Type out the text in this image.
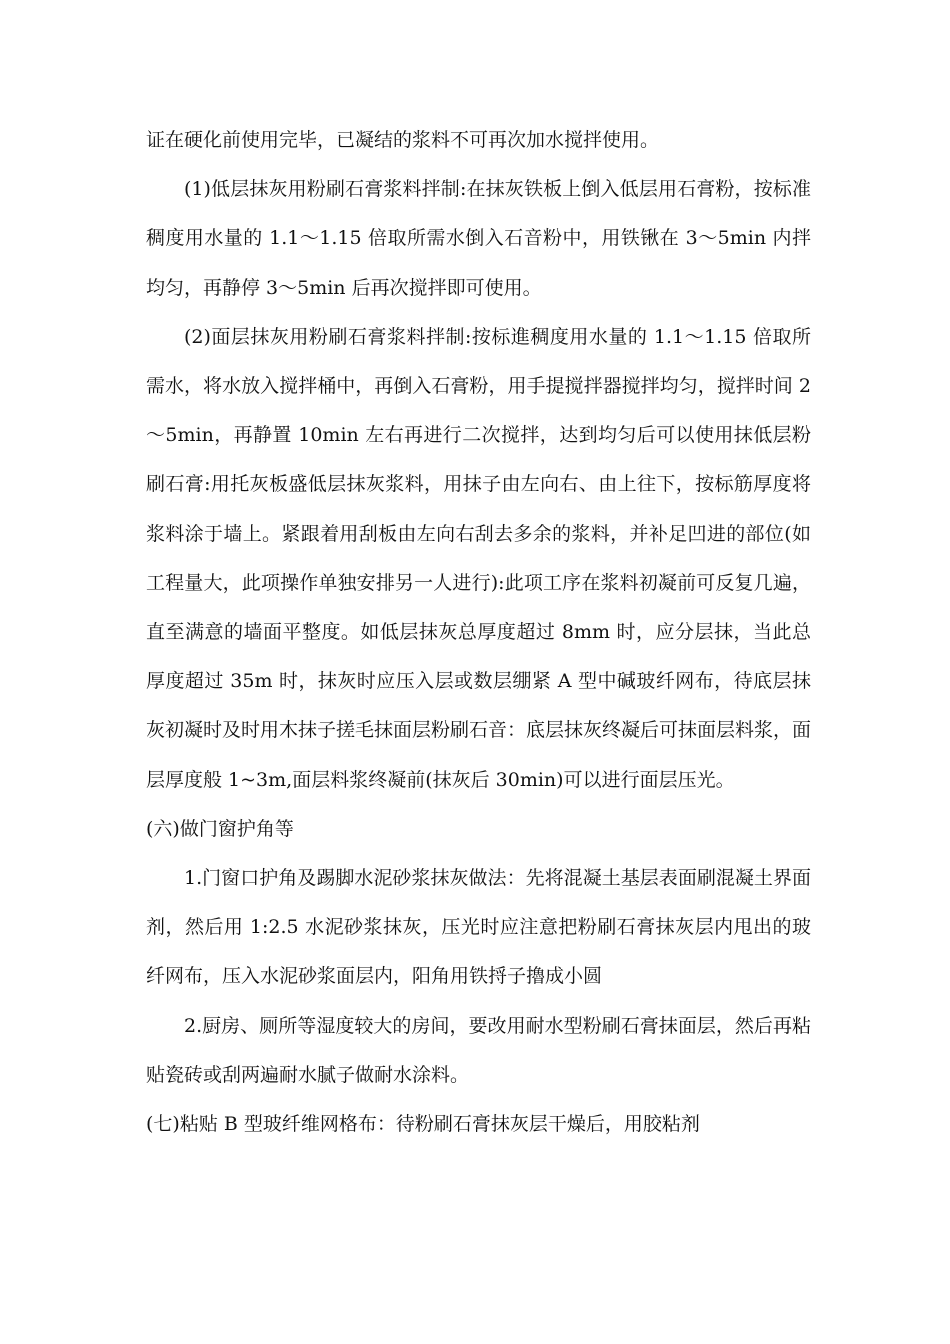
证在硬化前使用完毕，已凝结的浆料不可再次加水搅拌使用。

(1)低层抹灰用粉刷石膏浆料拌制:在抹灰铁板上倒入低层用石膏粉，按标准稠度用水量的 1.1～1.15 倍取所需水倒入石音粉中，用铁锹在 3～5min 内拌均匀，再静停 3～5min 后再次搅拌即可使用。

(2)面层抹灰用粉刷石膏浆料拌制:按标進稠度用水量的 1.1～1.15 倍取所需水，将水放入搅拌桶中，再倒入石膏粉，用手提搅拌器搅拌均匀，搅拌时间 2～5min，再静置 10min 左右再进行二次搅拌，达到均匀后可以使用抹低层粉刷石膏:用托灰板盛低层抹灰浆料，用抹子由左向右、由上往下，按标筋厚度将浆料涂于墙上。紧跟着用刮板由左向右刮去多余的浆料，并补足凹进的部位(如工程量大，此项操作单独安排另一人进行):此项工序在浆料初凝前可反复几遍，直至满意的墙面平整度。如低层抹灰总厚度超过 8mm 时，应分层抹，当此总厚度超过 35m 时，抹灰时应压入层或数层绷紧 A 型中碱玻纤网布，待底层抹灰初凝时及时用木抹子搓毛抹面层粉刷石音：底层抹灰终凝后可抹面层料浆，面层厚度般 1~3m,面层料浆终凝前(抹灰后 30min)可以进行面层压光。

(六)做门窗护角等

1.门窗口护角及踢脚水泥砂浆抹灰做法：先将混凝土基层表面刷混凝土界面剂，然后用 1:2.5 水泥砂浆抹灰，压光时应注意把粉刷石膏抹灰层内甩出的玻纤网布，压入水泥砂浆面层内，阳角用铁捋子擼成小圆

2.厨房、厕所等湿度较大的房间，要改用耐水型粉刷石膏抹面层，然后再粘贴瓷砖或刮两遍耐水腻子做耐水涂料。

(七)粘贴 B 型玻纤维网格布：待粉刷石膏抹灰层干燥后，用胶粘剂
